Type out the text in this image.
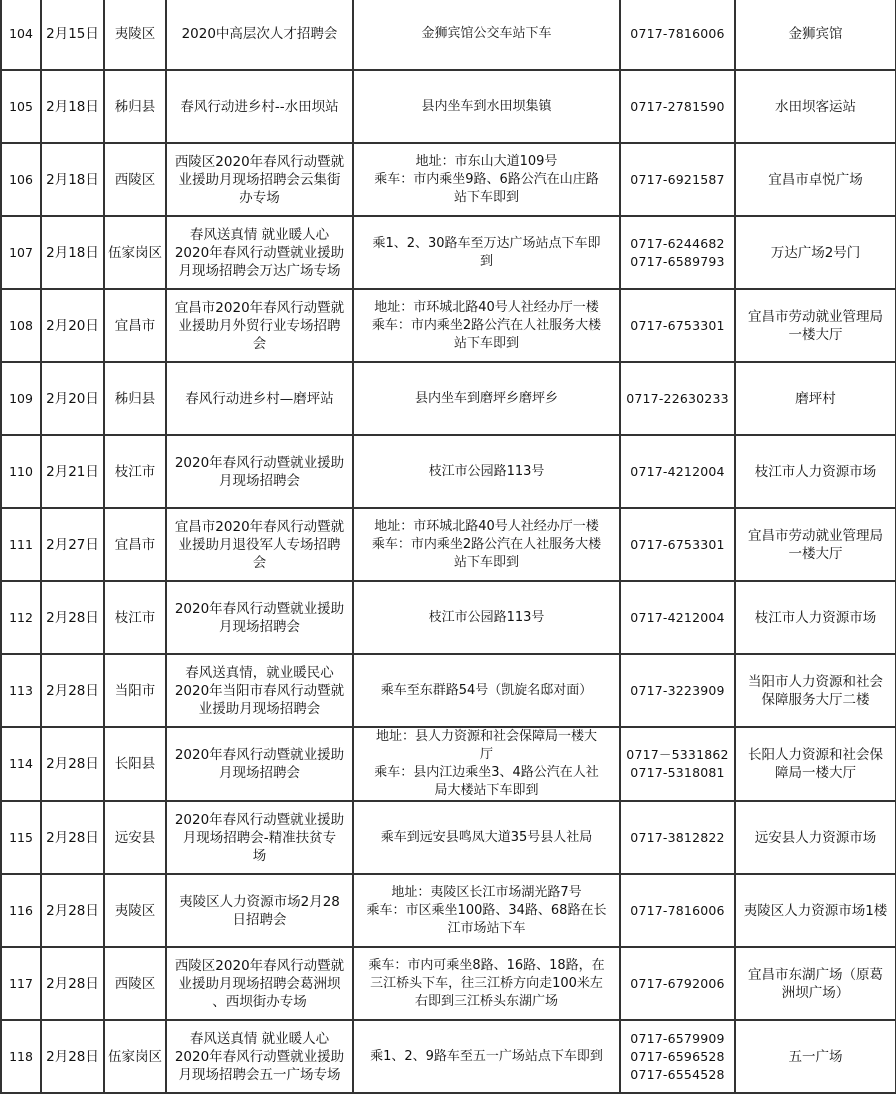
104	2月15日	夷陵区	2020中高层次人才招聘会	金狮宾馆公交车站下车	0717-7816006	金狮宾馆

105	2月18日	秭归县	春风行动进乡村--水田坝站	县内坐车到水田坝集镇	0717-2781590	水田坝客运站

106	2月18日	西陵区	西陵区2020年春风行动暨就
业援助月现场招聘会云集街
办专场	地址：市东山大道109号
乘车：市内乘坐9路、6路公汽在山庄路
站下车即到	0717-6921587	宜昌市卓悦广场

107	2月18日	伍家岗区	春风送真情 就业暖人心
2020年春风行动暨就业援助
月现场招聘会万达广场专场	乘1、2、30路车至万达广场站点下车即
到	0717-6244682
0717-6589793	万达广场2号门

108	2月20日	宜昌市	宜昌市2020年春风行动暨就
业援助月外贸行业专场招聘
会	地址：市环城北路40号人社经办厅一楼
乘车：市内乘坐2路公汽在人社服务大楼
站下车即到	0717-6753301	宜昌市劳动就业管理局
一楼大厅

109	2月20日	秭归县	春风行动进乡村—磨坪站	县内坐车到磨坪乡磨坪乡	0717-22630233	磨坪村

110	2月21日	枝江市	2020年春风行动暨就业援助
月现场招聘会	枝江市公园路113号	0717-4212004	枝江市人力资源市场

111	2月27日	宜昌市	宜昌市2020年春风行动暨就
业援助月退役军人专场招聘
会	地址：市环城北路40号人社经办厅一楼
乘车：市内乘坐2路公汽在人社服务大楼
站下车即到	0717-6753301	宜昌市劳动就业管理局
一楼大厅

112	2月28日	枝江市	2020年春风行动暨就业援助
月现场招聘会	枝江市公园路113号	0717-4212004	枝江市人力资源市场

113	2月28日	当阳市	春风送真情，就业暖民心
2020年当阳市春风行动暨就
业援助月现场招聘会	乘车至东群路54号（凯旋名邸对面）	0717-3223909	当阳市人力资源和社会
保障服务大厅二楼

114	2月28日	长阳县	2020年春风行动暨就业援助
月现场招聘会	地址：县人力资源和社会保障局一楼大
厅
乘车：县内江边乘坐3、4路公汽在人社
局大楼站下车即到	0717－5331862
0717-5318081	长阳人力资源和社会保
障局一楼大厅

115	2月28日	远安县	2020年春风行动暨就业援助
月现场招聘会-精准扶贫专
场	乘车到远安县鸣凤大道35号县人社局	0717-3812822	远安县人力资源市场

116	2月28日	夷陵区	夷陵区人力资源市场2月28
日招聘会	地址：夷陵区长江市场湖光路7号
乘车：市区乘坐100路、34路、68路在长
江市场站下车	0717-7816006	夷陵区人力资源市场1楼

117	2月28日	西陵区	西陵区2020年春风行动暨就
业援助月现场招聘会葛洲坝
、西坝街办专场	乘车：市内可乘坐8路、16路、18路，在
三江桥头下车，往三江桥方向走100米左
右即到三江桥头东湖广场	0717-6792006	宜昌市东湖广场（原葛
洲坝广场）

118	2月28日	伍家岗区	春风送真情 就业暖人心
2020年春风行动暨就业援助
月现场招聘会五一广场专场	乘1、2、9路车至五一广场站点下车即到	0717-6579909
0717-6596528
0717-6554528	五一广场
